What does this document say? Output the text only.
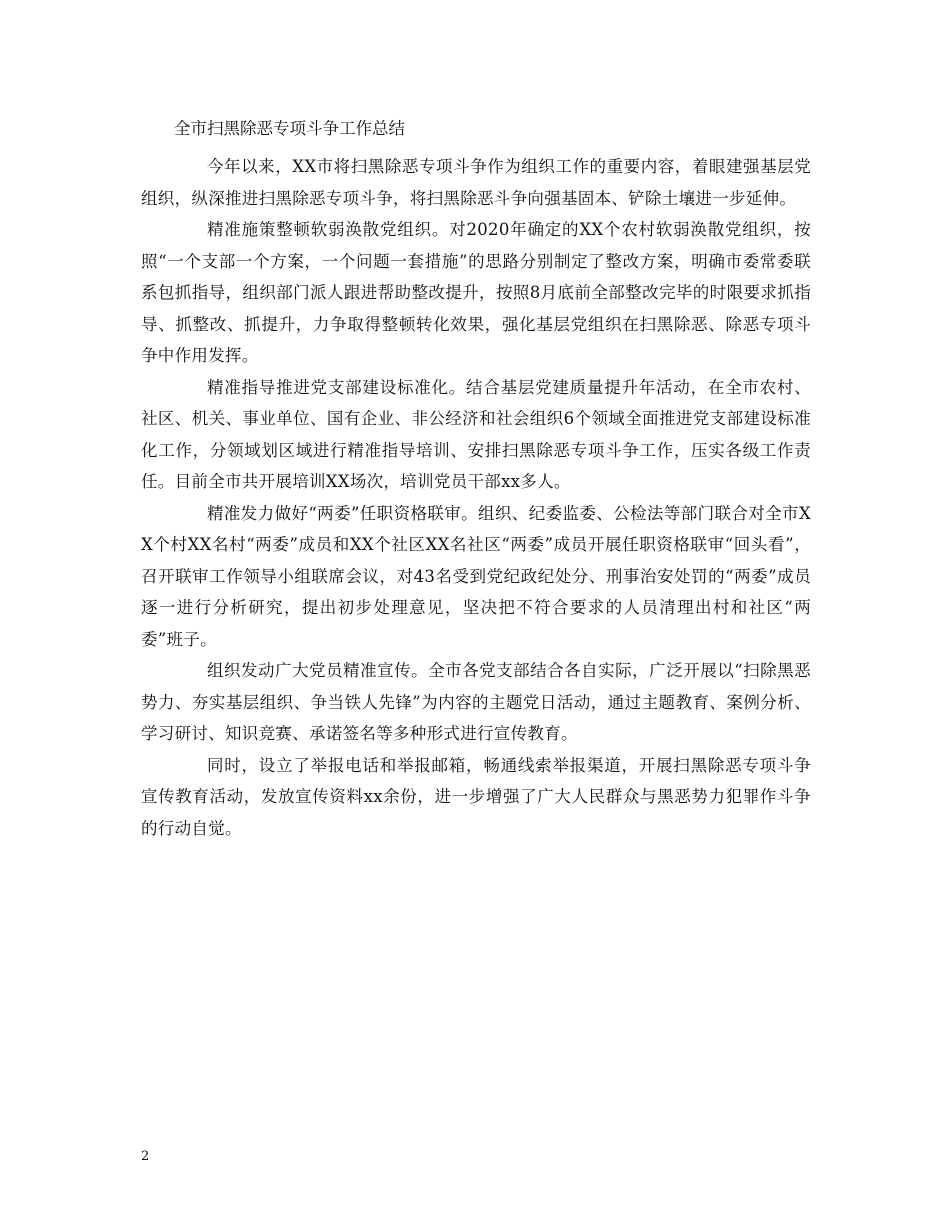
全市扫黑除恶专项斗争工作总结

今年以来，XX市将扫黑除恶专项斗争作为组织工作的重要内容，着眼建强基层党组织，纵深推进扫黑除恶专项斗争，将扫黑除恶斗争向强基固本、铲除土壤进一步延伸。

精准施策整顿软弱涣散党组织。对2020年确定的XX个农村软弱涣散党组织，按照“一个支部一个方案，一个问题一套措施”的思路分别制定了整改方案，明确市委常委联系包抓指导，组织部门派人跟进帮助整改提升，按照8月底前全部整改完毕的时限要求抓指导、抓整改、抓提升，力争取得整顿转化效果，强化基层党组织在扫黑除恶、除恶专项斗争中作用发挥。

精准指导推进党支部建设标准化。结合基层党建质量提升年活动，在全市农村、社区、机关、事业单位、国有企业、非公经济和社会组织6个领域全面推进党支部建设标准化工作，分领域划区域进行精准指导培训、安排扫黑除恶专项斗争工作，压实各级工作责任。目前全市共开展培训XX场次，培训党员干部xx多人。

精准发力做好“两委”任职资格联审。组织、纪委监委、公检法等部门联合对全市XX个村XX名村“两委”成员和XX个社区XX名社区“两委”成员开展任职资格联审“回头看”，召开联审工作领导小组联席会议，对43名受到党纪政纪处分、刑事治安处罚的“两委”成员逐一进行分析研究，提出初步处理意见，坚决把不符合要求的人员清理出村和社区“两委”班子。

组织发动广大党员精准宣传。全市各党支部结合各自实际，广泛开展以“扫除黑恶势力、夯实基层组织、争当铁人先锋”为内容的主题党日活动，通过主题教育、案例分析、学习研讨、知识竞赛、承诺签名等多种形式进行宣传教育。

同时，设立了举报电话和举报邮箱，畅通线索举报渠道，开展扫黑除恶专项斗争宣传教育活动，发放宣传资料xx余份，进一步增强了广大人民群众与黑恶势力犯罪作斗争的行动自觉。

2
